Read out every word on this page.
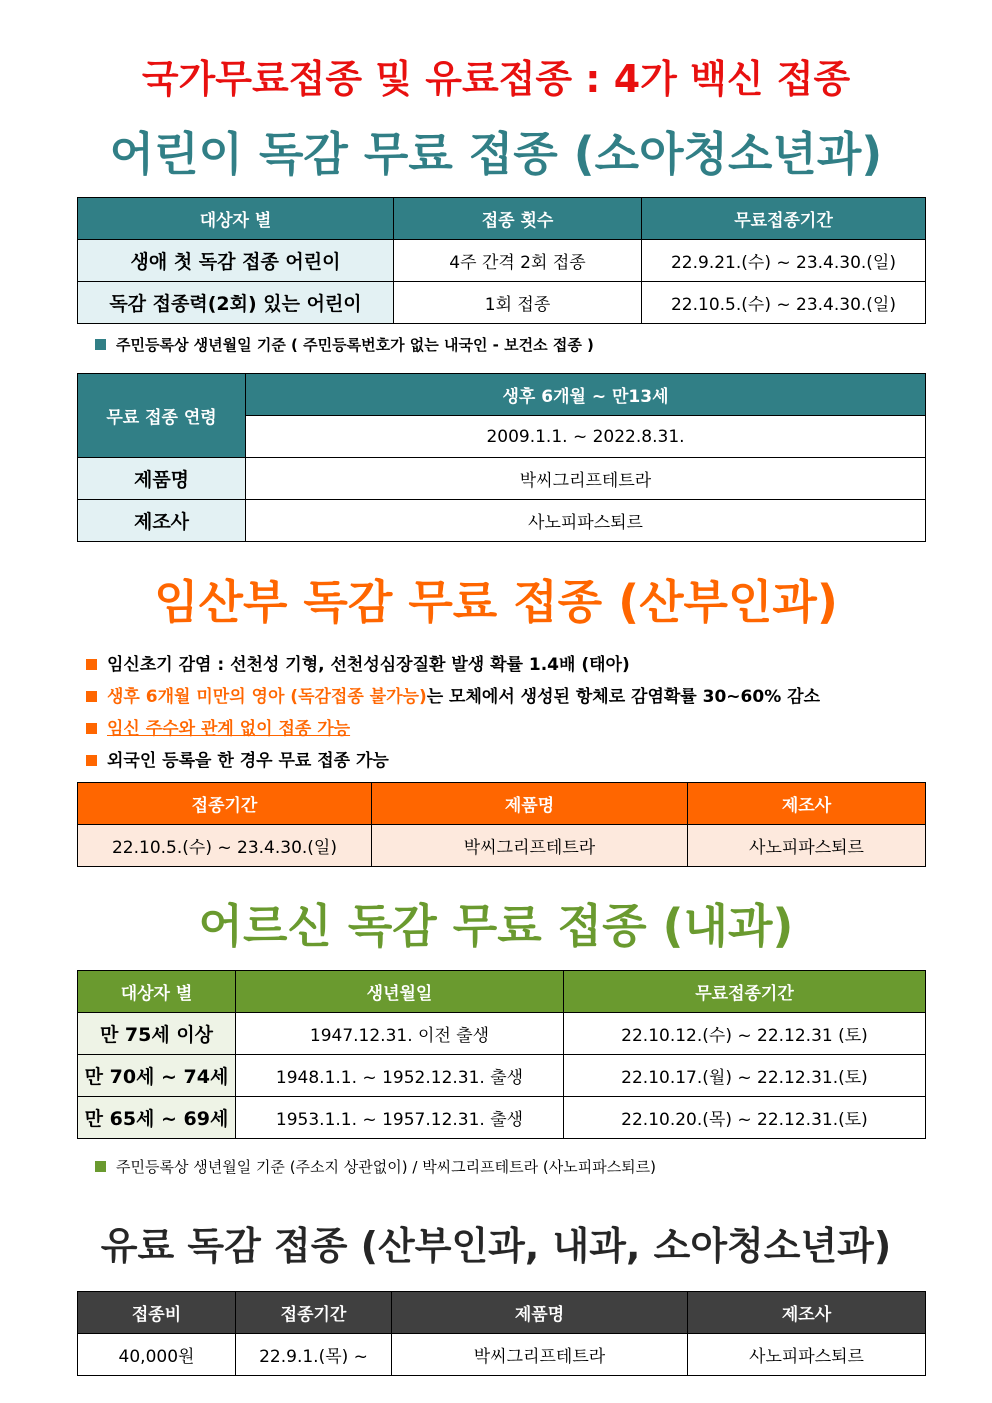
국가무료접종 및 유료접종 : 4가 백신 접종
어린이 독감 무료 접종 (소아청소년과)
대상자 별	접종 횟수	무료접종기간
생애 첫 독감 접종 어린이	4주 간격 2회 접종	22.9.21.(수) ~ 23.4.30.(일)
독감 접종력(2회) 있는 어린이	1회 접종	22.10.5.(수) ~ 23.4.30.(일)
주민등록상 생년월일 기준 ( 주민등록번호가 없는 내국인 - 보건소 접종 )
무료 접종 연령	생후 6개월 ~ 만13세
	2009.1.1. ~ 2022.8.31.
제품명	박씨그리프테트라
제조사	사노피파스퇴르
임산부 독감 무료 접종 (산부인과)
임신초기 감염 : 선천성 기형, 선천성심장질환 발생 확률 1.4배 (태아)
생후 6개월 미만의 영아 (독감접종 불가능)는 모체에서 생성된 항체로 감염확률 30~60% 감소
임신 주수와 관계 없이 접종 가능
외국인 등록을 한 경우 무료 접종 가능
접종기간	제품명	제조사
22.10.5.(수) ~ 23.4.30.(일)	박씨그리프테트라	사노피파스퇴르
어르신 독감 무료 접종 (내과)
대상자 별	생년월일	무료접종기간
만 75세 이상	1947.12.31. 이전 출생	22.10.12.(수) ~ 22.12.31 (토)
만 70세 ~ 74세	1948.1.1. ~ 1952.12.31. 출생	22.10.17.(월) ~ 22.12.31.(토)
만 65세 ~ 69세	1953.1.1. ~ 1957.12.31. 출생	22.10.20.(목) ~ 22.12.31.(토)
주민등록상 생년월일 기준 (주소지 상관없이) / 박씨그리프테트라 (사노피파스퇴르)
유료 독감 접종 (산부인과, 내과, 소아청소년과)
접종비	접종기간	제품명	제조사
40,000원	22.9.1.(목) ~	박씨그리프테트라	사노피파스퇴르
